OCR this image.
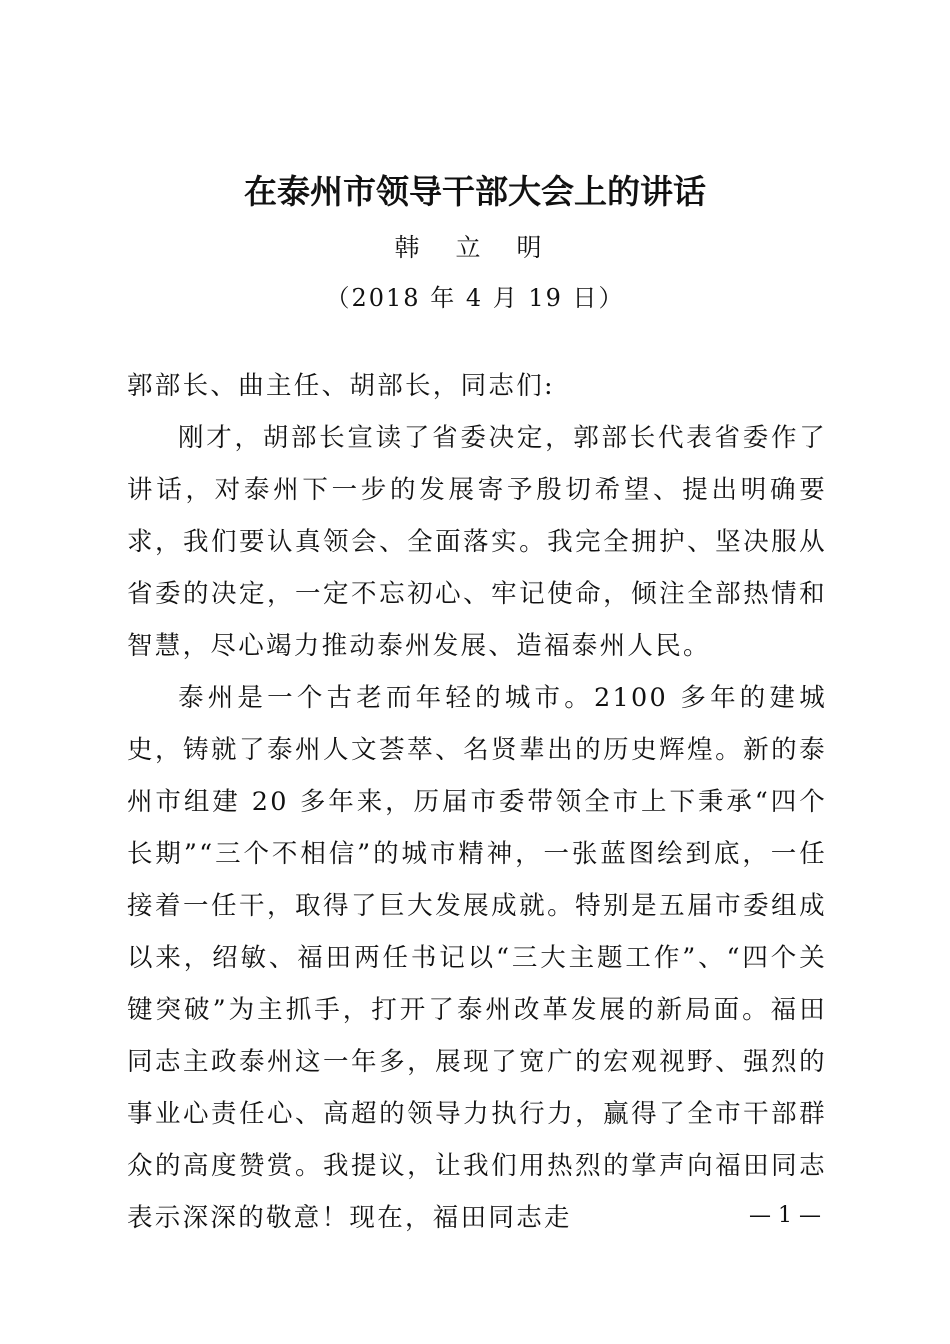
在泰州市领导干部大会上的讲话
韩 立 明
（2018 年 4 月 19 日）

郭部长、曲主任、胡部长，同志们:

刚才，胡部长宣读了省委决定，郭部长代表省委作了讲话，对泰州下一步的发展寄予殷切希望、提出明确要求，我们要认真领会、全面落实。我完全拥护、坚决服从省委的决定，一定不忘初心、牢记使命，倾注全部热情和智慧，尽心竭力推动泰州发展、造福泰州人民。

泰州是一个古老而年轻的城市。2100 多年的建城史，铸就了泰州人文荟萃、名贤辈出的历史辉煌。新的泰州市组建 20 多年来，历届市委带领全市上下秉承“四个长期”“三个不相信”的城市精神，一张蓝图绘到底，一任接着一任干，取得了巨大发展成就。特别是五届市委组成以来，绍敏、福田两任书记以“三大主题工作”、“四个关键突破”为主抓手，打开了泰州改革发展的新局面。福田同志主政泰州这一年多，展现了宽广的宏观视野、强烈的事业心责任心、高超的领导力执行力，赢得了全市干部群众的高度赞赏。我提议，让我们用热烈的掌声向福田同志表示深深的敬意！现在，福田同志走	— 1 —
